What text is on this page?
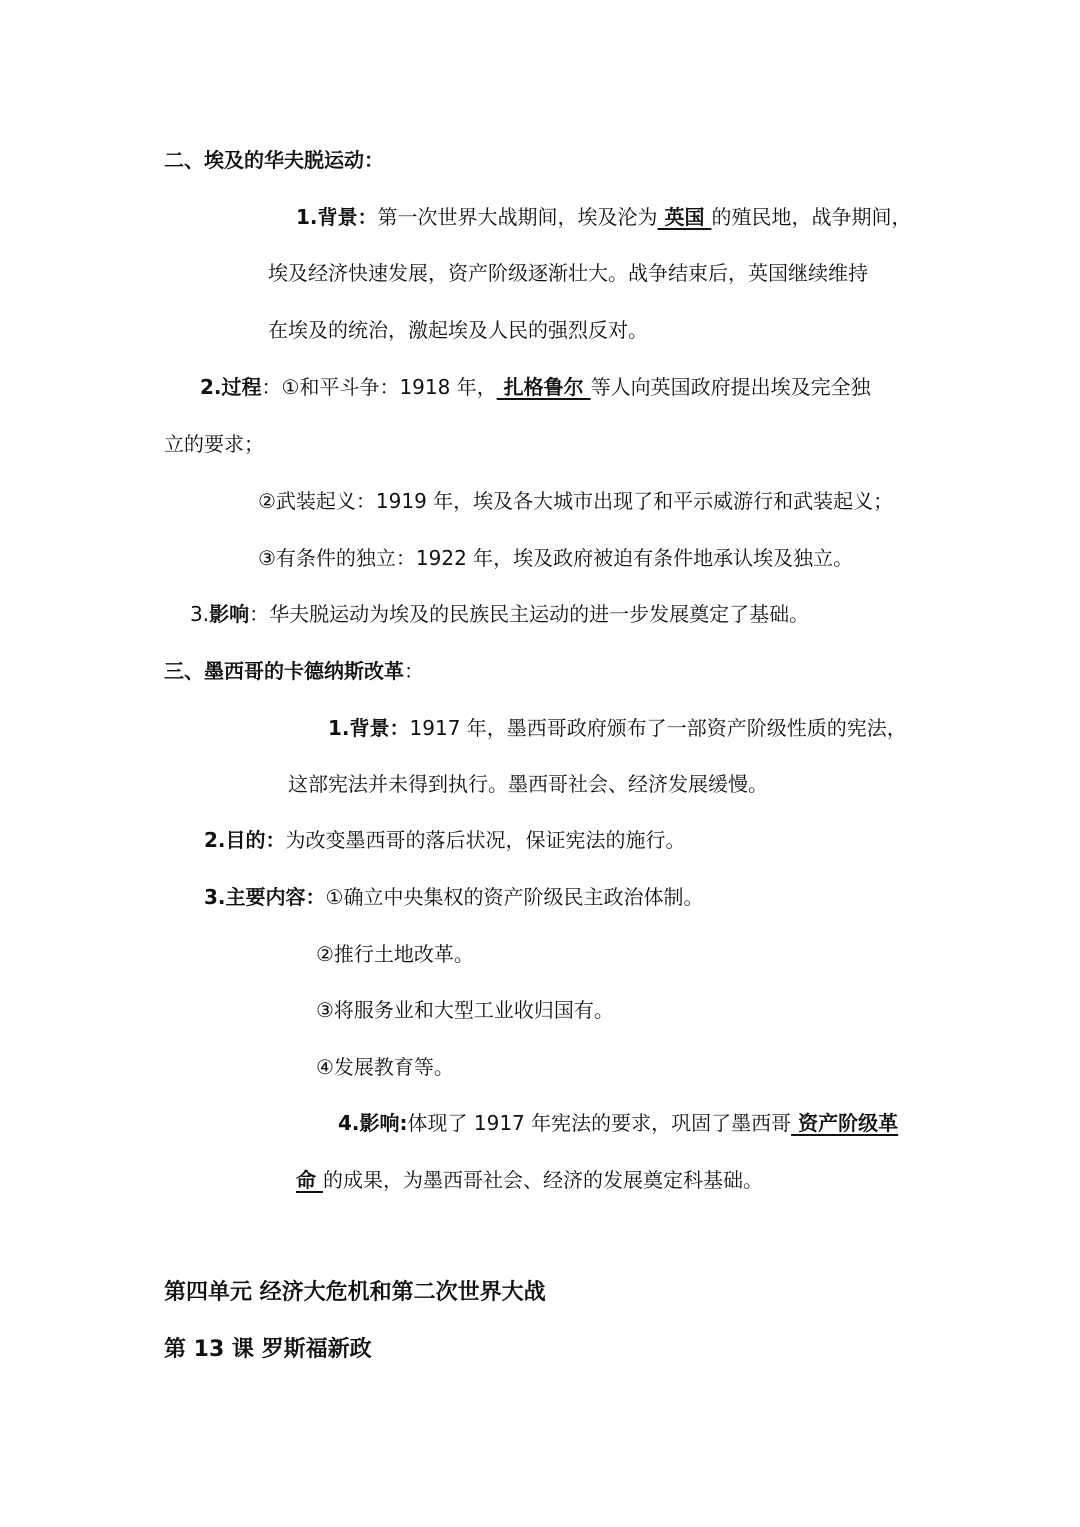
二、埃及的华夫脱运动：
1.背景：第一次世界大战期间，埃及沦为 英国 的殖民地，战争期间，
埃及经济快速发展，资产阶级逐渐壮大。战争结束后，英国继续维持
在埃及的统治，激起埃及人民的强烈反对。
2.过程：①和平斗争：1918 年， 扎格鲁尔 等人向英国政府提出埃及完全独
立的要求；
②武装起义：1919 年，埃及各大城市出现了和平示威游行和武装起义；
③有条件的独立：1922 年，埃及政府被迫有条件地承认埃及独立。
3.影响：华夫脱运动为埃及的民族民主运动的进一步发展奠定了基础。
三、墨西哥的卡德纳斯改革：
1.背景：1917 年，墨西哥政府颁布了一部资产阶级性质的宪法，
这部宪法并未得到执行。墨西哥社会、经济发展缓慢。
2.目的：为改变墨西哥的落后状况，保证宪法的施行。
3.主要内容：①确立中央集权的资产阶级民主政治体制。
②推行土地改革。
③将服务业和大型工业收归国有。
④发展教育等。
4.影响:体现了 1917 年宪法的要求，巩固了墨西哥 资产阶级革
命 的成果，为墨西哥社会、经济的发展奠定科基础。
第四单元 经济大危机和第二次世界大战
第 13 课 罗斯福新政
